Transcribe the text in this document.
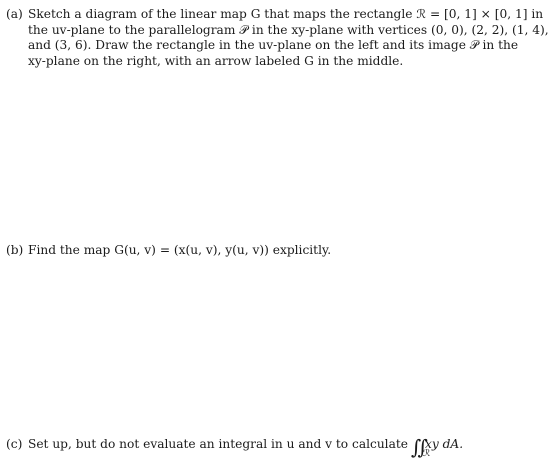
(a) Sketch a diagram of the linear map G that maps the rectangle ℛ = [0, 1] × [0, 1] in
the uv-plane to the parallelogram 𝒫 in the xy-plane with vertices (0, 0), (2, 2), (1, 4),
and (3, 6). Draw the rectangle in the uv-plane on the left and its image 𝒫 in the
xy-plane on the right, with an arrow labeled G in the middle.
(b) Find the map G(u, v) = (x(u, v), y(u, v)) explicitly.
(c) Set up, but do not evaluate an integral in u and v to calculate ∬ ℛ
xy dA.
